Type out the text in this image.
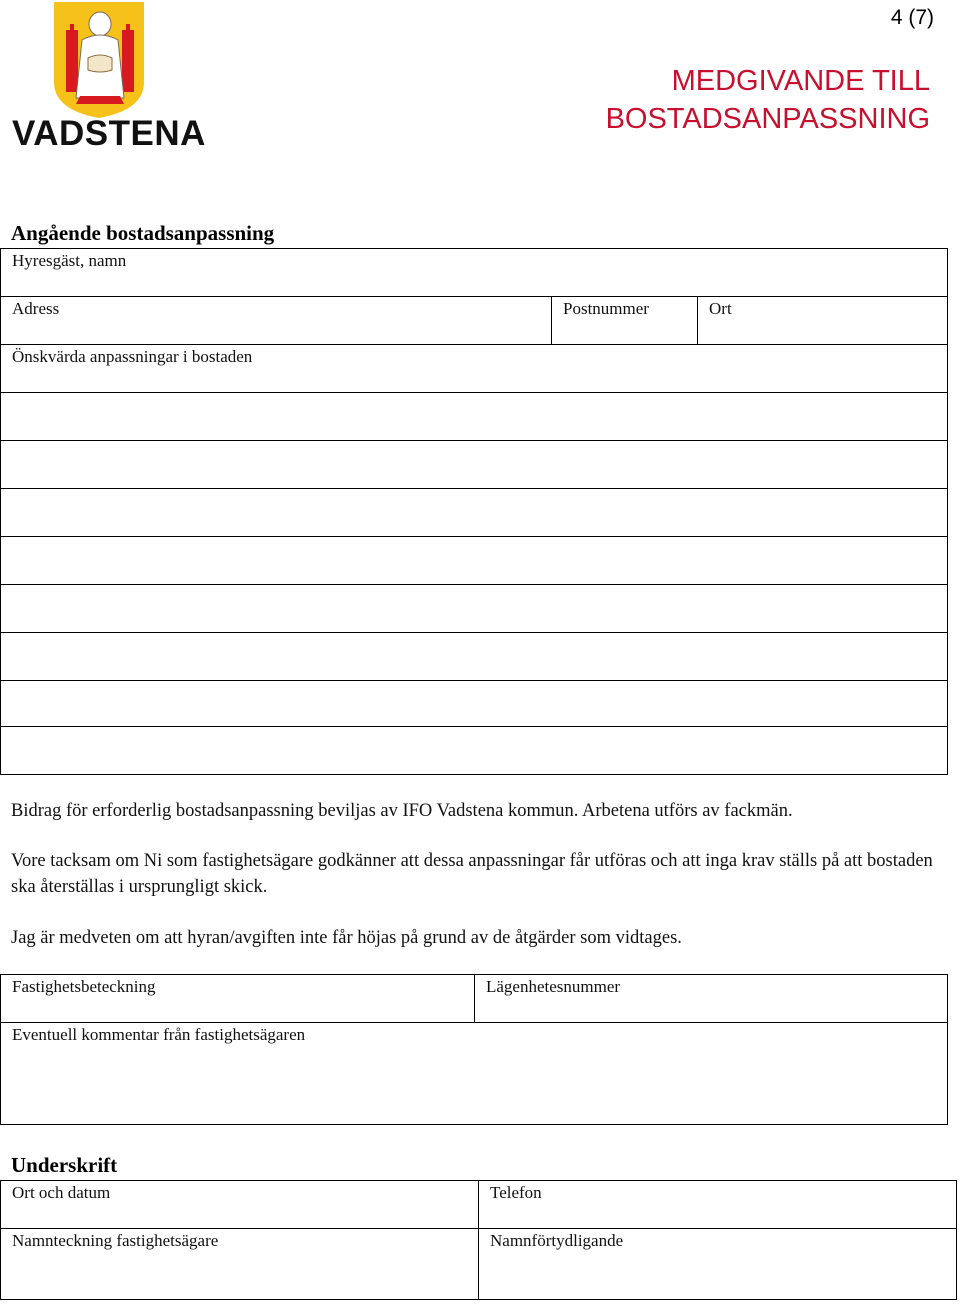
VADSTENA
4 (7)
MEDGIVANDE TILL
BOSTADSANPASSNING
Angående bostadsanpassning
Hyresgäst, namn
Adress	Postnummer	Ort
Önskvärda anpassningar i bostaden
Bidrag för erforderlig bostadsanpassning beviljas av IFO Vadstena kommun. Arbetena utförs av fackmän.
Vore tacksam om Ni som fastighetsägare godkänner att dessa anpassningar får utföras och att inga krav ställs på att bostaden ska återställas i ursprungligt skick.
Jag är medveten om att hyran/avgiften inte får höjas på grund av de åtgärder som vidtages.
Fastighetsbeteckning	Lägenhetesnummer
Eventuell kommentar från fastighetsägaren
Underskrift
Ort och datum	Telefon
Namnteckning fastighetsägare	Namnförtydligande
